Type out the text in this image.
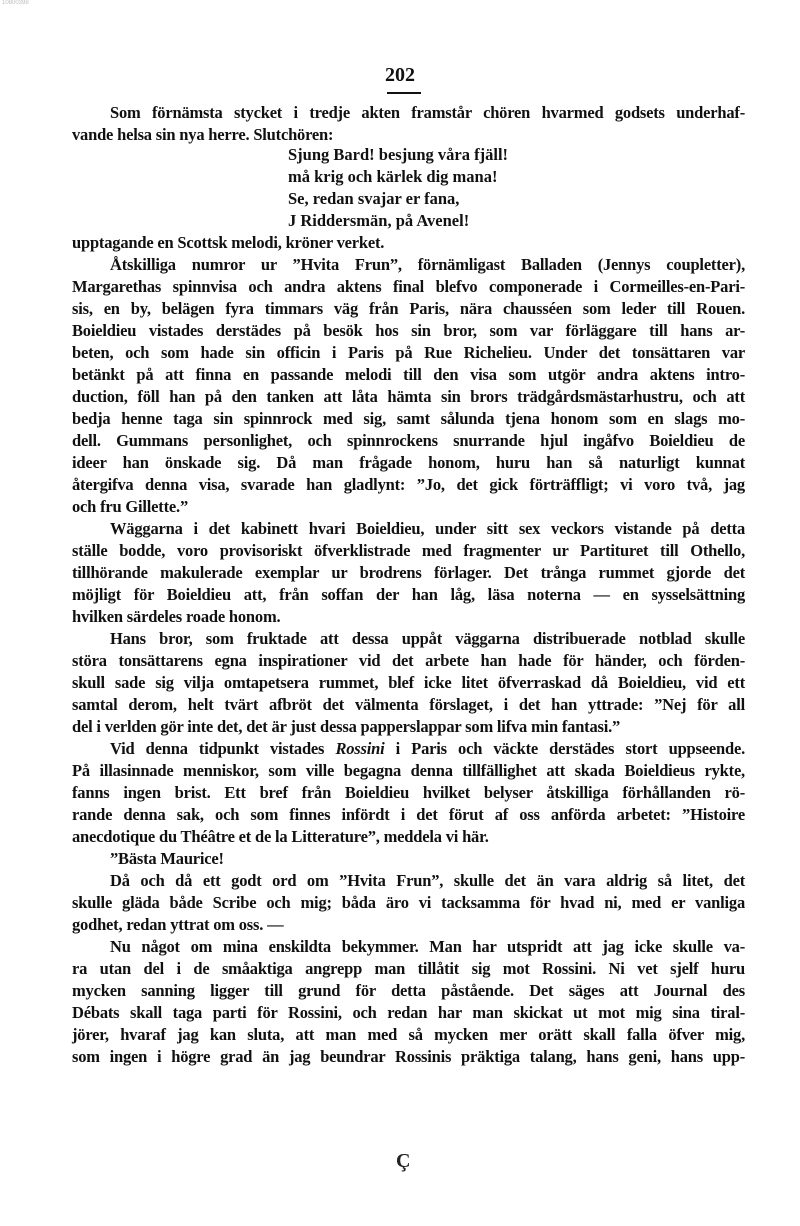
10800398
202
Som förnämsta stycket i tredje akten framstår chören hvarmed godsets underhaf-
vande helsa sin nya herre. Slutchören:
Sjung Bard! besjung våra fjäll!
må krig och kärlek dig mana!
Se, redan svajar er fana,
J Riddersmän, på Avenel!
upptagande en Scottsk melodi, kröner verket.
Åtskilliga numror ur ”Hvita Frun”, förnämligast Balladen (Jennys coupletter),
Margarethas spinnvisa och andra aktens final blefvo componerade i Cormeilles-en-Pari-
sis, en by, belägen fyra timmars väg från Paris, nära chausséen som leder till Rouen.
Boieldieu vistades derstädes på besök hos sin bror, som var förläggare till hans ar-
beten, och som hade sin officin i Paris på Rue Richelieu. Under det tonsättaren var
betänkt på att finna en passande melodi till den visa som utgör andra aktens intro-
duction, föll han på den tanken att låta hämta sin brors trädgårdsmästarhustru, och att
bedja henne taga sin spinnrock med sig, samt sålunda tjena honom som en slags mo-
dell. Gummans personlighet, och spinnrockens snurrande hjul ingåfvo Boieldieu de
ideer han önskade sig. Då man frågade honom, huru han så naturligt kunnat
återgifva denna visa, svarade han gladlynt: ”Jo, det gick förträffligt; vi voro två, jag
och fru Gillette.”
Wäggarna i det kabinett hvari Boieldieu, under sitt sex veckors vistande på detta
ställe bodde, voro provisoriskt öfverklistrade med fragmenter ur Partituret till Othello,
tillhörande makulerade exemplar ur brodrens förlager. Det trånga rummet gjorde det
möjligt för Boieldieu att, från soffan der han låg, läsa noterna — en sysselsättning
hvilken särdeles roade honom.
Hans bror, som fruktade att dessa uppåt väggarna distribuerade notblad skulle
störa tonsättarens egna inspirationer vid det arbete han hade för händer, och förden-
skull sade sig vilja omtapetsera rummet, blef icke litet öfverraskad då Boieldieu, vid ett
samtal derom, helt tvärt afbröt det välmenta förslaget, i det han yttrade: ”Nej för all
del i verlden gör inte det, det är just dessa papperslappar som lifva min fantasi.”
Vid denna tidpunkt vistades Rossini i Paris och väckte derstädes stort uppseende.
På illasinnade menniskor, som ville begagna denna tillfällighet att skada Boieldieus rykte,
fanns ingen brist. Ett bref från Boieldieu hvilket belyser åtskilliga förhållanden rö-
rande denna sak, och som finnes infördt i det förut af oss anförda arbetet: ”Histoire
anecdotique du Théâtre et de la Litterature”, meddela vi här.
”Bästa Maurice!
Då och då ett godt ord om ”Hvita Frun”, skulle det än vara aldrig så litet, det
skulle gläda både Scribe och mig; båda äro vi tacksamma för hvad ni, med er vanliga
godhet, redan yttrat om oss. —
Nu något om mina enskildta bekymmer. Man har utspridt att jag icke skulle va-
ra utan del i de småaktiga angrepp man tillåtit sig mot Rossini. Ni vet sjelf huru
mycken sanning ligger till grund för detta påstående. Det säges att Journal des
Débats skall taga parti för Rossini, och redan har man skickat ut mot mig sina tiral-
jörer, hvaraf jag kan sluta, att man med så mycken mer orätt skall falla öfver mig,
som ingen i högre grad än jag beundrar Rossinis präktiga talang, hans geni, hans upp-
Ç
